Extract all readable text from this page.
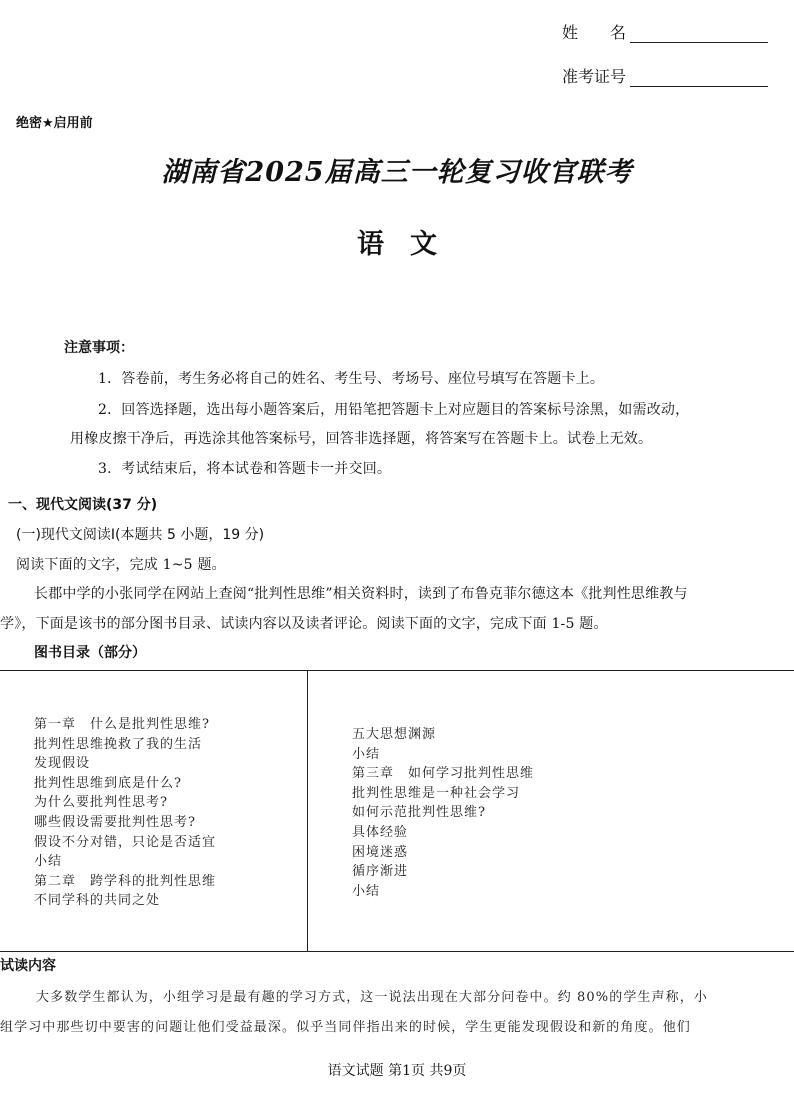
姓　　名
准考证号
绝密★启用前
湖南省2025届高三一轮复习收官联考
语文
注意事项：
1．答卷前，考生务必将自己的姓名、考生号、考场号、座位号填写在答题卡上。
2．回答选择题，选出每小题答案后，用铅笔把答题卡上对应题目的答案标号涂黑，如需改动，
用橡皮擦干净后，再选涂其他答案标号，回答非选择题，将答案写在答题卡上。试卷上无效。
3．考试结束后，将本试卷和答题卡一并交回。
一、现代文阅读(37 分)
(一)现代文阅读Ⅰ(本题共 5 小题，19 分)
阅读下面的文字，完成 1~5 题。
长郡中学的小张同学在网站上查阅“批判性思维”相关资料时，读到了布鲁克菲尔德这本《批判性思维教与
学》，下面是该书的部分图书目录、试读内容以及读者评论。阅读下面的文字，完成下面 1-5 题。
图书目录（部分）
第一章　什么是批判性思维?
批判性思维挽救了我的生活
发现假设
批判性思维到底是什么?
为什么要批判性思考?
哪些假设需要批判性思考?
假设不分对错，只论是否适宜
小结
第二章　跨学科的批判性思维
不同学科的共同之处
五大思想渊源
小结
第三章　如何学习批判性思维
批判性思维是一种社会学习
如何示范批判性思维?
具体经验
困境迷惑
循序渐进
小结
试读内容
大多数学生都认为，小组学习是最有趣的学习方式，这一说法出现在大部分问卷中。约 80%的学生声称，小
组学习中那些切中要害的问题让他们受益最深。似乎当同伴指出来的时候，学生更能发现假设和新的角度。他们
语文试题 第1页 共9页
